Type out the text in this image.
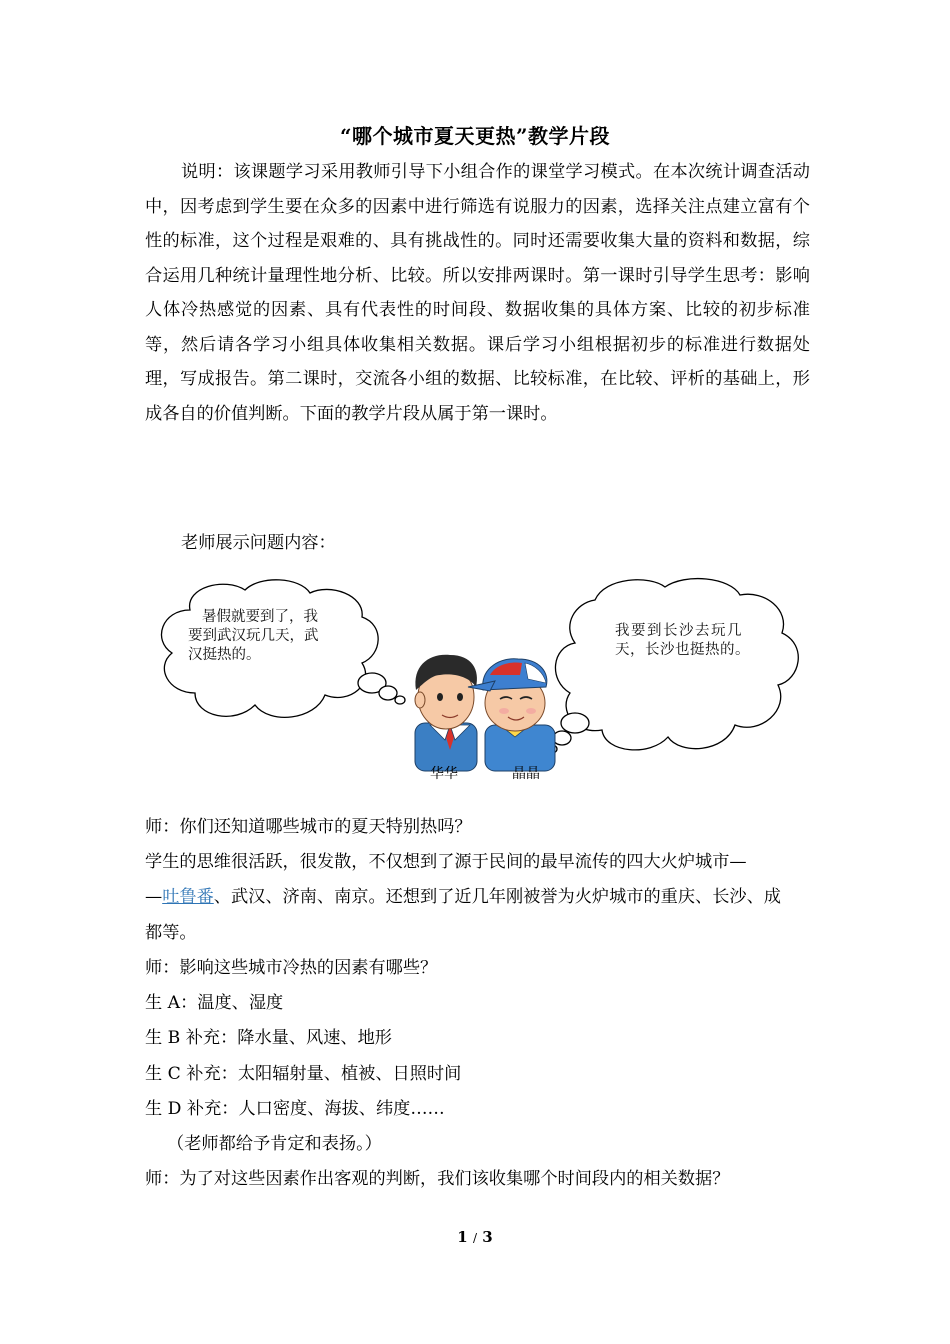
“哪个城市夏天更热”教学片段
说明：该课题学习采用教师引导下小组合作的课堂学习模式。在本次统计调查活动中，因考虑到学生要在众多的因素中进行筛选有说服力的因素，选择关注点建立富有个性的标准，这个过程是艰难的、具有挑战性的。同时还需要收集大量的资料和数据，综合运用几种统计量理性地分析、比较。所以安排两课时。第一课时引导学生思考：影响人体冷热感觉的因素、具有代表性的时间段、数据收集的具体方案、比较的初步标准等，然后请各学习小组具体收集相关数据。课后学习小组根据初步的标准进行数据处理，写成报告。第二课时，交流各小组的数据、比较标准，在比较、评析的基础上，形成各自的价值判断。下面的教学片段从属于第一课时。
老师展示问题内容：
暑假就要到了，我
要到武汉玩几天，武
汉挺热的。
我要到长沙去玩几
天，长沙也挺热的。
华华	晶晶
师：你们还知道哪些城市的夏天特别热吗？
学生的思维很活跃，很发散，不仅想到了源于民间的最早流传的四大火炉城市—
—吐鲁番、武汉、济南、南京。还想到了近几年刚被誉为火炉城市的重庆、长沙、成
都等。
师：影响这些城市冷热的因素有哪些？
生 A：温度、湿度
生 B 补充：降水量、风速、地形
生 C 补充：太阳辐射量、植被、日照时间
生 D 补充：人口密度、海拔、纬度……
（老师都给予肯定和表扬。）
师：为了对这些因素作出客观的判断，我们该收集哪个时间段内的相关数据？
1 / 3
